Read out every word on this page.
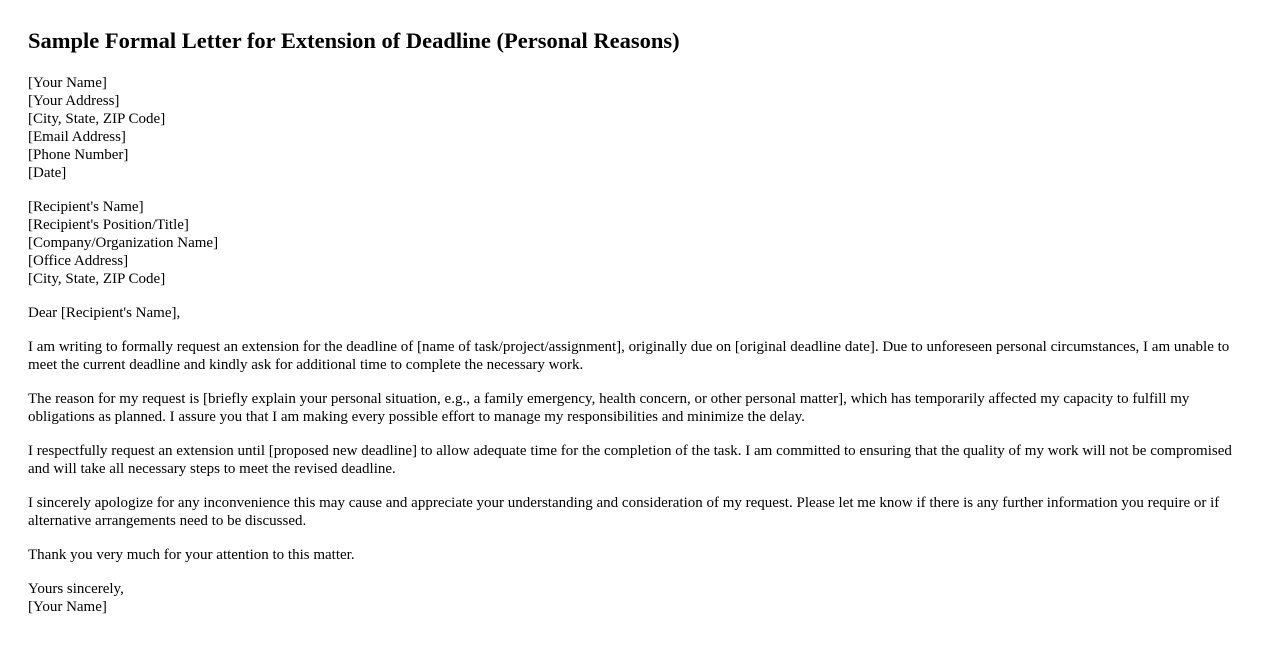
Sample Formal Letter for Extension of Deadline (Personal Reasons)
[Your Name]
[Your Address]
[City, State, ZIP Code]
[Email Address]
[Phone Number]
[Date]
[Recipient's Name]
[Recipient's Position/Title]
[Company/Organization Name]
[Office Address]
[City, State, ZIP Code]

Dear [Recipient's Name],

I am writing to formally request an extension for the deadline of [name of task/project/assignment], originally due on [original deadline date]. Due to unforeseen personal circumstances, I am unable to meet the current deadline and kindly ask for additional time to complete the necessary work.

The reason for my request is [briefly explain your personal situation, e.g., a family emergency, health concern, or other personal matter], which has temporarily affected my capacity to fulfill my obligations as planned. I assure you that I am making every possible effort to manage my responsibilities and minimize the delay.

I respectfully request an extension until [proposed new deadline] to allow adequate time for the completion of the task. I am committed to ensuring that the quality of my work will not be compromised and will take all necessary steps to meet the revised deadline.

I sincerely apologize for any inconvenience this may cause and appreciate your understanding and consideration of my request. Please let me know if there is any further information you require or if alternative arrangements need to be discussed.

Thank you very much for your attention to this matter.

Yours sincerely,
[Your Name]
